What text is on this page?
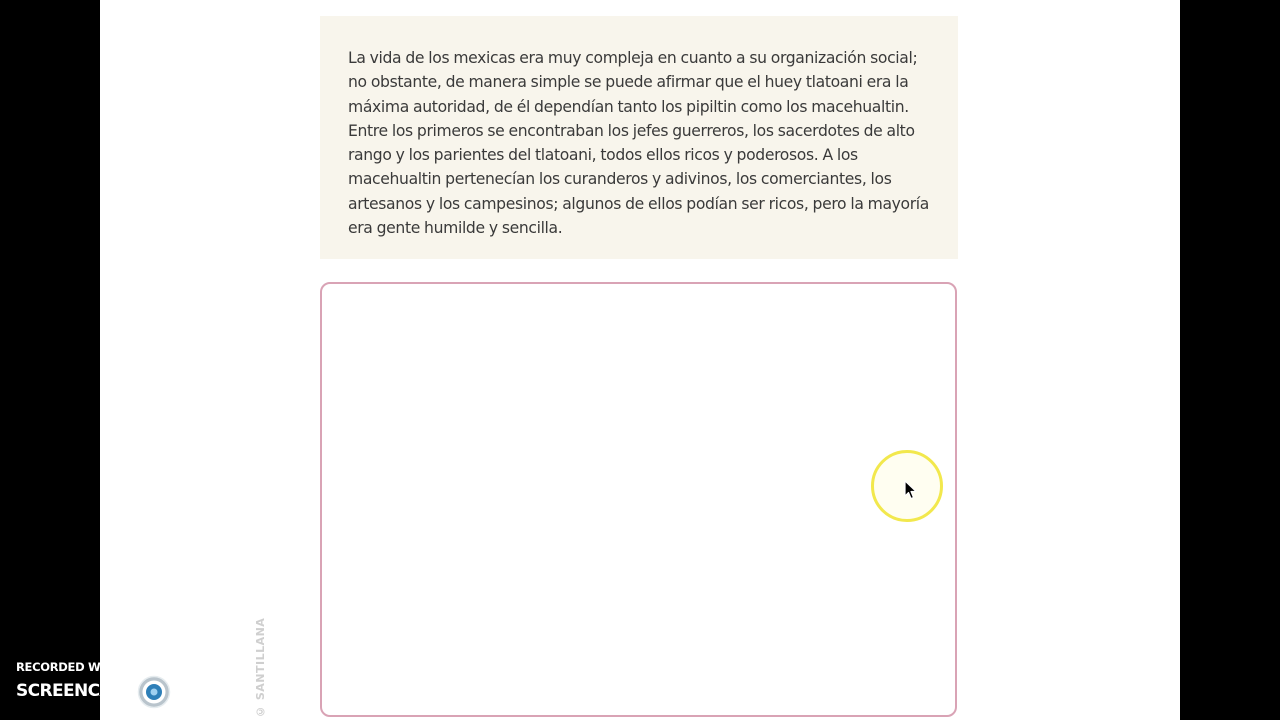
La vida de los mexicas era muy compleja en cuanto a su organización social; no obstante, de manera simple se puede afirmar que el huey tlatoani era la máxima autoridad, de él dependían tanto los pipiltin como los macehualtin. Entre los primeros se encontraban los jefes guerreros, los sacerdotes de alto rango y los parientes del tlatoani, todos ellos ricos y poderosos. A los macehualtin pertenecían los curanderos y adivinos, los comerciantes, los artesanos y los campesinos; algunos de ellos podían ser ricos, pero la mayoría era gente humilde y sencilla.

© SANTILLANA
RECORDED WITH
SCREENCAST MATIC
